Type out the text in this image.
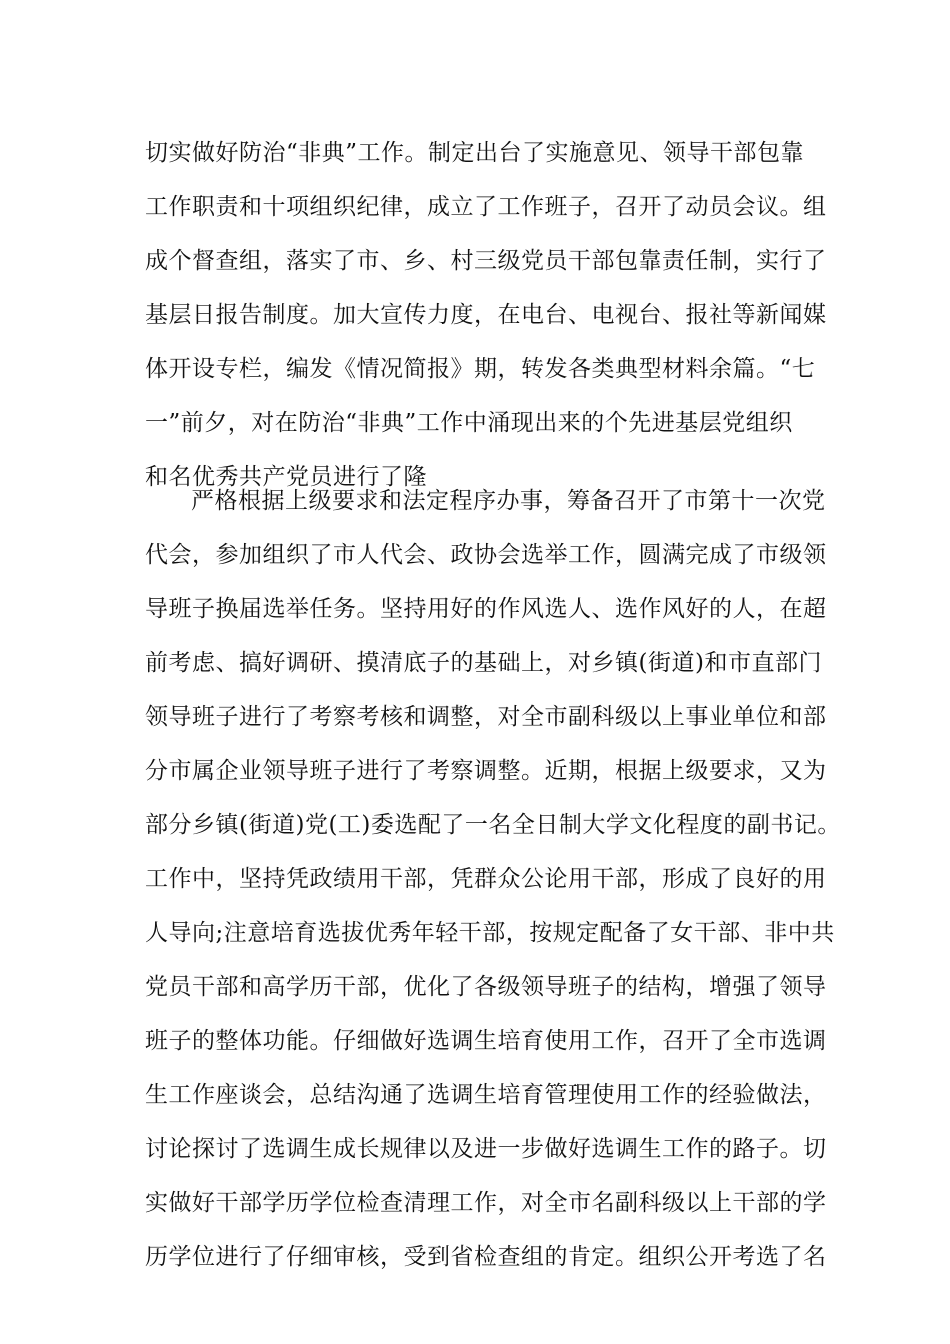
切实做好防治“非典”工作。制定出台了实施意见、领导干部包靠
工作职责和十项组织纪律，成立了工作班子，召开了动员会议。组
成个督查组，落实了市、乡、村三级党员干部包靠责任制，实行了
基层日报告制度。加大宣传力度，在电台、电视台、报社等新闻媒
体开设专栏，编发《情况简报》期，转发各类典型材料余篇。“七
一”前夕，对在防治“非典”工作中涌现出来的个先进基层党组织
和名优秀共产党员进行了隆
严格根据上级要求和法定程序办事，筹备召开了市第十一次党
代会，参加组织了市人代会、政协会选举工作，圆满完成了市级领
导班子换届选举任务。坚持用好的作风选人、选作风好的人，在超
前考虑、搞好调研、摸清底子的基础上，对乡镇(街道)和市直部门
领导班子进行了考察考核和调整，对全市副科级以上事业单位和部
分市属企业领导班子进行了考察调整。近期，根据上级要求，又为
部分乡镇(街道)党(工)委选配了一名全日制大学文化程度的副书记。
工作中，坚持凭政绩用干部，凭群众公论用干部，形成了良好的用
人导向;注意培育选拔优秀年轻干部，按规定配备了女干部、非中共
党员干部和高学历干部，优化了各级领导班子的结构，增强了领导
班子的整体功能。仔细做好选调生培育使用工作，召开了全市选调
生工作座谈会，总结沟通了选调生培育管理使用工作的经验做法，
讨论探讨了选调生成长规律以及进一步做好选调生工作的路子。切
实做好干部学历学位检查清理工作，对全市名副科级以上干部的学
历学位进行了仔细审核，受到省检查组的肯定。组织公开考选了名
